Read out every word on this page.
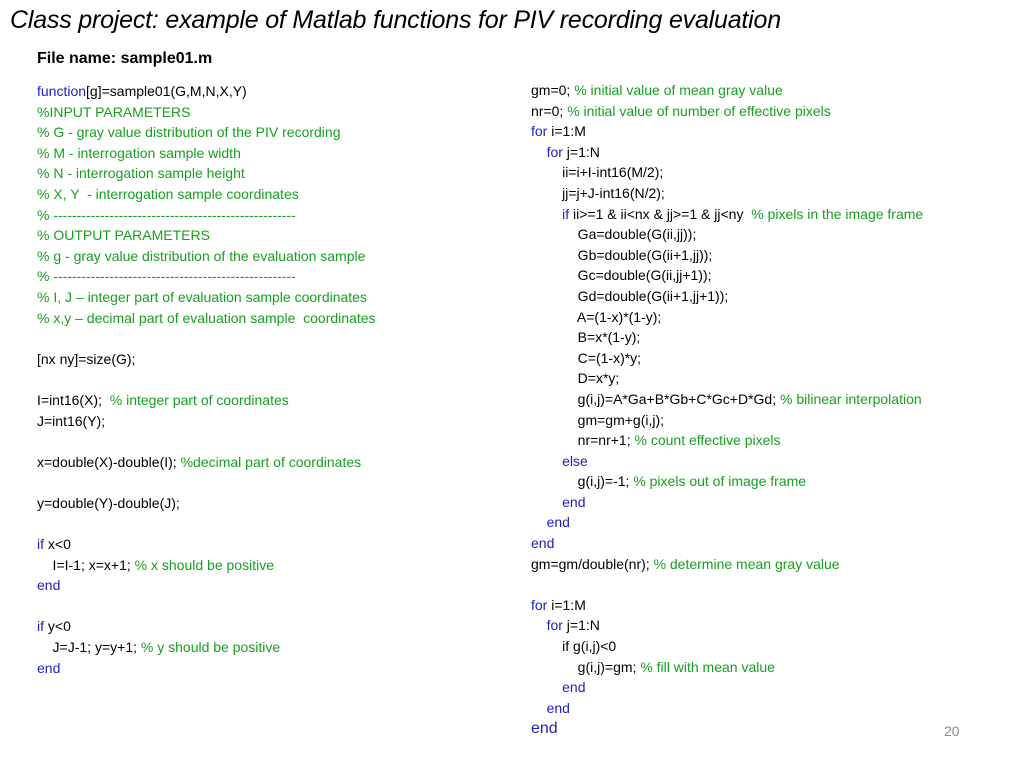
Class project: example of Matlab functions for PIV recording evaluation
File name: sample01.m
function[g]=sample01(G,M,N,X,Y)
%INPUT PARAMETERS
% G - gray value distribution of the PIV recording
% M - interrogation sample width
% N - interrogation sample height
% X, Y  - interrogation sample coordinates
% ----------------------------------------------------
% OUTPUT PARAMETERS
% g - gray value distribution of the evaluation sample
% ----------------------------------------------------
% I, J – integer part of evaluation sample coordinates
% x,y – decimal part of evaluation sample  coordinates
[nx ny]=size(G);
I=int16(X);  % integer part of coordinates
J=int16(Y);
x=double(X)-double(I); %decimal part of coordinates
y=double(Y)-double(J);
if x<0
I=I-1; x=x+1; % x should be positive
end
if y<0
J=J-1; y=y+1; % y should be positive
end
gm=0; % initial value of mean gray value
nr=0; % initial value of number of effective pixels
for i=1:M
for j=1:N
ii=i+I-int16(M/2);
jj=j+J-int16(N/2);
if ii>=1 & ii<nx & jj>=1 & jj<ny  % pixels in the image frame
Ga=double(G(ii,jj));
Gb=double(G(ii+1,jj));
Gc=double(G(ii,jj+1));
Gd=double(G(ii+1,jj+1));
A=(1-x)*(1-y);
B=x*(1-y);
C=(1-x)*y;
D=x*y;
g(i,j)=A*Ga+B*Gb+C*Gc+D*Gd; % bilinear interpolation
gm=gm+g(i,j);
nr=nr+1; % count effective pixels
else
g(i,j)=-1; % pixels out of image frame
end
end
end
gm=gm/double(nr); % determine mean gray value
for i=1:M
for j=1:N
if g(i,j)<0
g(i,j)=gm; % fill with mean value
end
end
end	20
